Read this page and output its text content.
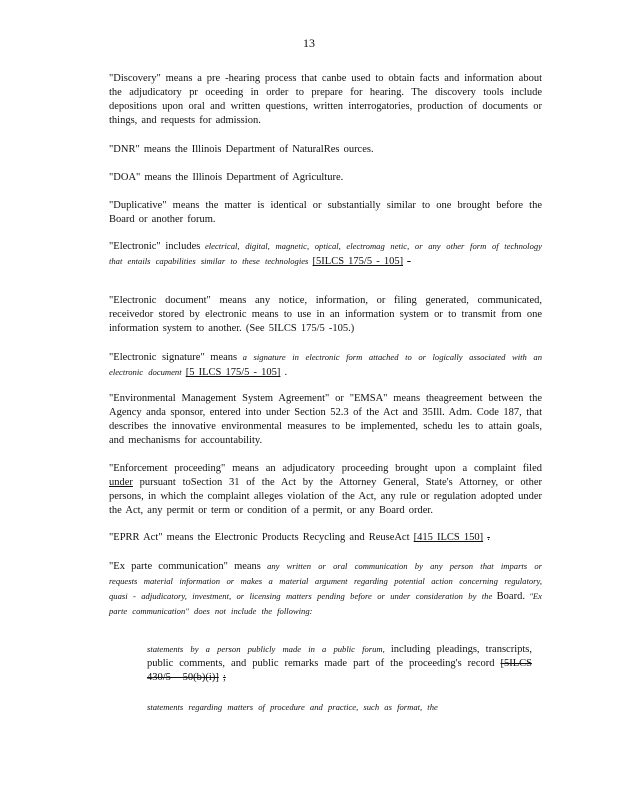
13

"Discovery" means a pre -hearing process that canbe used to obtain facts and information about the adjudicatory pr oceeding in order to prepare for hearing. The discovery tools include depositions upon oral and written questions, written interrogatories, production of documents or things, and requests for admission.

"DNR" means the Illinois Department of NaturalRes ources.

"DOA" means the Illinois Department of Agriculture.

"Duplicative" means the matter is identical or substantially similar to one brought before the Board or another forum.

"Electronic" includes electrical, digital, magnetic, optical, electromag netic, or any other form of technology that entails capabilities similar to these technologies [5ILCS 175/5 - 105] -

"Electronic document" means any notice, information, or filing generated, communicated, receivedor stored by electronic means to use in an information system or to transmit from one information system to another. (See 5ILCS 175/5 -105.)

"Electronic signature" means a signature in electronic form attached to or logically associated with an electronic document [5 ILCS 175/5 - 105] .

"Environmental Management System Agreement" or "EMSA" means theagreement between the Agency anda sponsor, entered into under Section 52.3 of the Act and 35Ill. Adm. Code 187, that describes the innovative environmental measures to be implemented, schedu les to attain goals, and mechanisms for accountability.

"Enforcement proceeding" means an adjudicatory proceeding brought upon a complaint filed under pursuant toSection 31 of the Act by the Attorney General, State's Attorney, or other persons, in which the complaint alleges violation of the Act, any rule or regulation adopted under the Act, any permit or term or condition of a permit, or any Board order.

"EPRR Act" means the Electronic Products Recycling and ReuseAct [415 ILCS 150] .

"Ex parte communication" means any written or oral communication by any person that imparts or requests material information or makes a material argument regarding potential action concerning regulatory, quasi - adjudicatory, investment, or licensing matters pending before or under consideration by the Board. "Ex parte communication" does not include the following:

statements by a person publicly made in a public forum, including pleadings, transcripts, public comments, and public remarks made part of the proceeding's record [5ILCS 430/5 - 50(b)(i)] ;

statements regarding matters of procedure and practice, such as format, the
